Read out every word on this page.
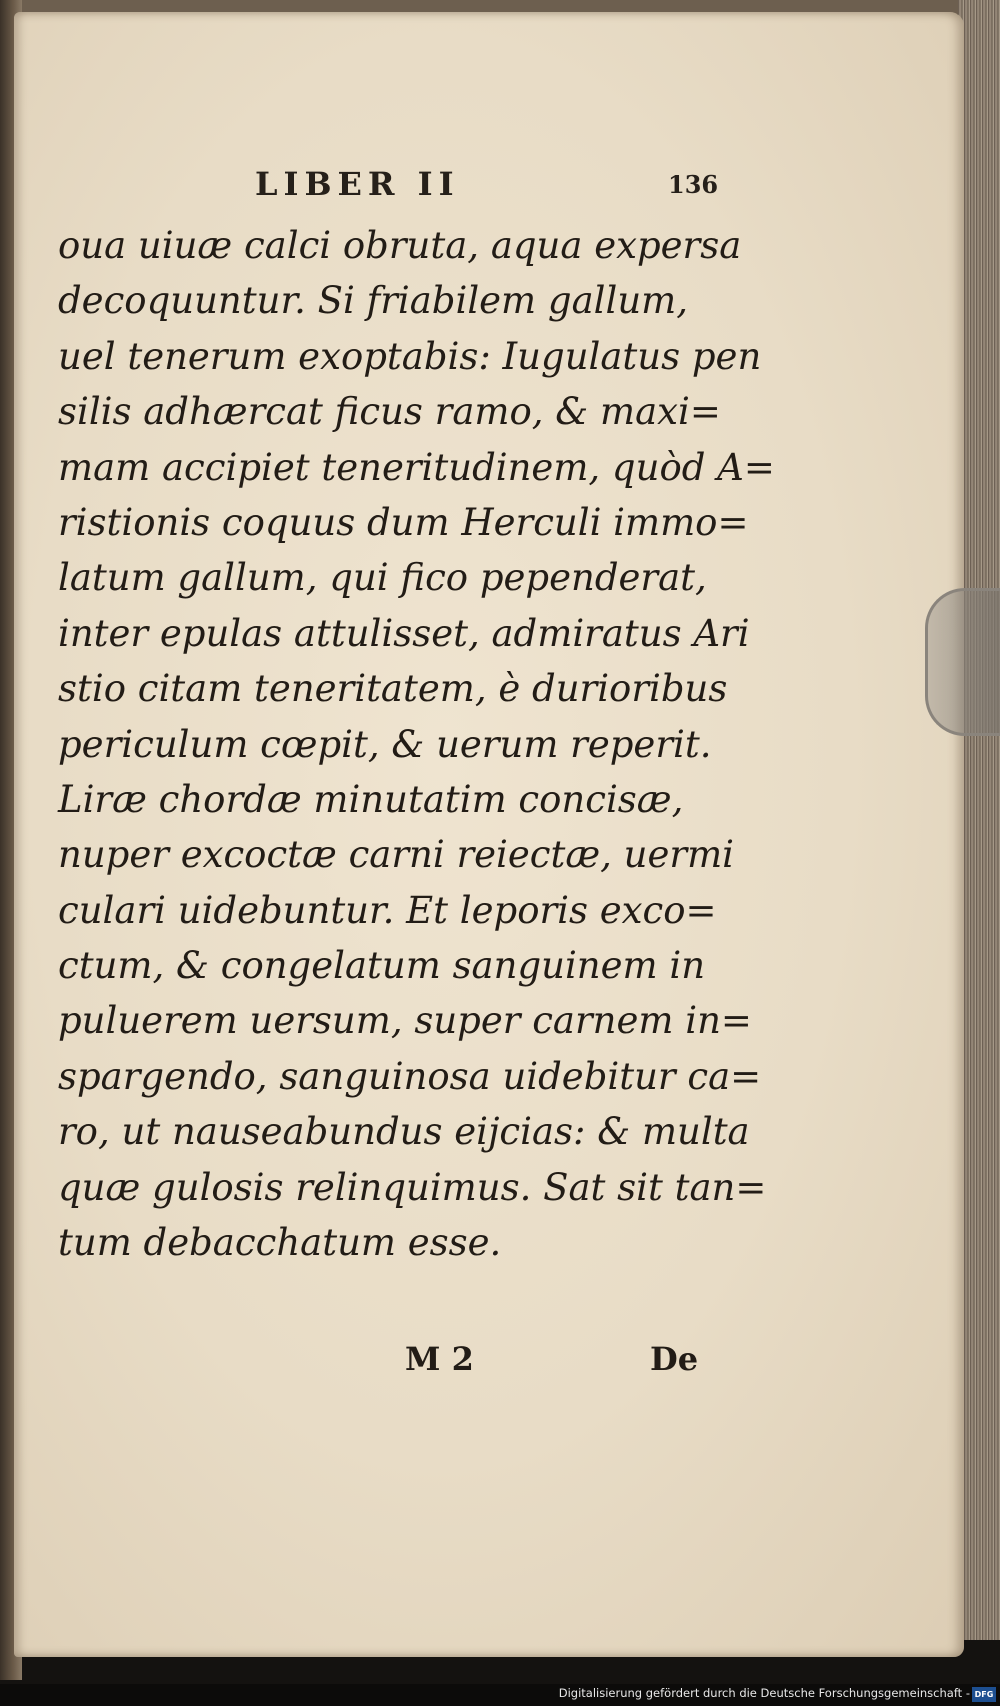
LIBER II	136
oua uiuæ calci obruta, aqua expersa
decoquuntur. Si friabilem gallum,
uel tenerum exoptabis: Iugulatus pen
silis adhærcat ficus ramo, & maxi=
mam accipiet teneritudinem, quòd A=
ristionis coquus dum Herculi immo=
latum gallum, qui fico pependerat,
inter epulas attulisset, admiratus Ari
stio citam teneritatem, è durioribus
periculum cœpit, & uerum reperit.
Liræ chordæ minutatim concisæ,
nuper excoctæ carni reiectæ, uermi
culari uidebuntur. Et leporis exco=
ctum, & congelatum sanguinem in
puluerem uersum, super carnem in=
spargendo, sanguinosa uidebitur ca=
ro, ut nauseabundus eijcias: & multa
quæ gulosis relinquimus. Sat sit tan=
tum debacchatum esse.
M 2	De
Digitalisierung gefördert durch die Deutsche Forschungsgemeinschaft - DFG
